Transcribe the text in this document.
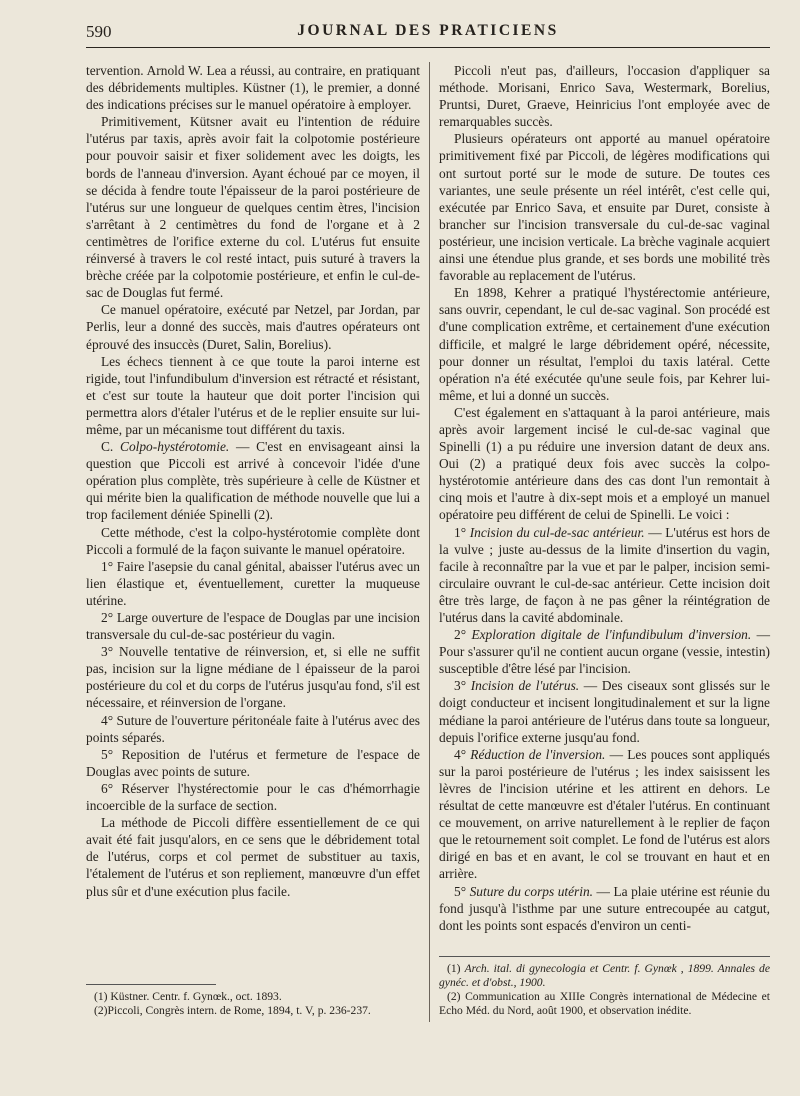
590	JOURNAL DES PRATICIENS

tervention. Arnold W. Lea a réussi, au contraire, en pratiquant des débridements multiples. Küstner (1), le premier, a donné des indications précises sur le manuel opératoire à employer.

Primitivement, Kütsner avait eu l'intention de réduire l'utérus par taxis, après avoir fait la colpotomie postérieure pour pouvoir saisir et fixer solidement avec les doigts, les bords de l'anneau d'inversion. Ayant échoué par ce moyen, il se décida à fendre toute l'épaisseur de la paroi postérieure de l'utérus sur une longueur de quelques centim ètres, l'incision s'arrêtant à 2 centimètres du fond de l'organe et à 2 centimètres de l'orifice externe du col. L'utérus fut ensuite réinversé à travers le col resté intact, puis suturé à travers la brèche créée par la colpotomie postérieure, et enfin le cul-de-sac de Douglas fut fermé.

Ce manuel opératoire, exécuté par Netzel, par Jordan, par Perlis, leur a donné des succès, mais d'autres opérateurs ont éprouvé des insuccès (Duret, Salin, Borelius).

Les échecs tiennent à ce que toute la paroi interne est rigide, tout l'infundibulum d'inversion est rétracté et résistant, et c'est sur toute la hauteur que doit porter l'incision qui permettra alors d'étaler l'utérus et de le replier ensuite sur lui-même, par un mécanisme tout différent du taxis.

C. Colpo-hystérotomie. — C'est en envisageant ainsi la question que Piccoli est arrivé à concevoir l'idée d'une opération plus complète, très supérieure à celle de Küstner et qui mérite bien la qualification de méthode nouvelle que lui a trop facilement déniée Spinelli (2).

Cette méthode, c'est la colpo-hystérotomie complète dont Piccoli a formulé de la façon suivante le manuel opératoire.

1° Faire l'asepsie du canal génital, abaisser l'utérus avec un lien élastique et, éventuellement, curetter la muqueuse utérine.

2° Large ouverture de l'espace de Douglas par une incision transversale du cul-de-sac postérieur du vagin.

3° Nouvelle tentative de réinversion, et, si elle ne suffit pas, incision sur la ligne médiane de l épaisseur de la paroi postérieure du col et du corps de l'utérus jusqu'au fond, s'il est nécessaire, et réinversion de l'organe.

4° Suture de l'ouverture péritonéale faite à l'utérus avec des points séparés.

5° Reposition de l'utérus et fermeture de l'espace de Douglas avec points de suture.

6° Réserver l'hystérectomie pour le cas d'hémorrhagie incoercible de la surface de section.

La méthode de Piccoli diffère essentiellement de ce qui avait été fait jusqu'alors, en ce sens que le débridement total de l'utérus, corps et col permet de substituer au taxis, l'étalement de l'utérus et son repliement, manœuvre d'un effet plus sûr et d'une exécution plus facile.

Piccoli n'eut pas, d'ailleurs, l'occasion d'appliquer sa méthode. Morisani, Enrico Sava, Westermark, Borelius, Pruntsi, Duret, Graeve, Heinricius l'ont employée avec de remarquables succès.

Plusieurs opérateurs ont apporté au manuel opératoire primitivement fixé par Piccoli, de légères modifications qui ont surtout porté sur le mode de suture. De toutes ces variantes, une seule présente un réel intérêt, c'est celle qui, exécutée par Enrico Sava, et ensuite par Duret, consiste à brancher sur l'incision transversale du cul-de-sac vaginal postérieur, une incision verticale. La brèche vaginale acquiert ainsi une étendue plus grande, et ses bords une mobilité très favorable au replacement de l'utérus.

En 1898, Kehrer a pratiqué l'hystérectomie antérieure, sans ouvrir, cependant, le cul de-sac vaginal. Son procédé est d'une complication extrême, et certainement d'une exécution difficile, et malgré le large débridement opéré, nécessite, pour donner un résultat, l'emploi du taxis latéral. Cette opération n'a été exécutée qu'une seule fois, par Kehrer lui-même, et lui a donné un succès.

C'est également en s'attaquant à la paroi antérieure, mais après avoir largement incisé le cul-de-sac vaginal que Spinelli (1) a pu réduire une inversion datant de deux ans. Oui (2) a pratiqué deux fois avec succès la colpo-hystérotomie antérieure dans des cas dont l'un remontait à cinq mois et l'autre à dix-sept mois et a employé un manuel opératoire peu différent de celui de Spinelli. Le voici :

1° Incision du cul-de-sac antérieur. — L'utérus est hors de la vulve ; juste au-dessus de la limite d'insertion du vagin, facile à reconnaître par la vue et par le palper, incision semi-circulaire ouvrant le cul-de-sac antérieur. Cette incision doit être très large, de façon à ne pas gêner la réintégration de l'utérus dans la cavité abdominale.

2° Exploration digitale de l'infundibulum d'inversion. — Pour s'assurer qu'il ne contient aucun organe (vessie, intestin) susceptible d'être lésé par l'incision.

3° Incision de l'utérus. — Des ciseaux sont glissés sur le doigt conducteur et incisent longitudinalement et sur la ligne médiane la paroi antérieure de l'utérus dans toute sa longueur, depuis l'orifice externe jusqu'au fond.

4° Réduction de l'inversion. — Les pouces sont appliqués sur la paroi postérieure de l'utérus ; les index saisissent les lèvres de l'incision utérine et les attirent en dehors. Le résultat de cette manœuvre est d'étaler l'utérus. En continuant ce mouvement, on arrive naturellement à le replier de façon que le retournement soit complet. Le fond de l'utérus est alors dirigé en bas et en avant, le col se trouvant en haut et en arrière.

5° Suture du corps utérin. — La plaie utérine est réunie du fond jusqu'à l'isthme par une suture entrecoupée au catgut, dont les points sont espacés d'environ un centi-

(1) Küstner. Centr. f. Gynœk., oct. 1893.

(2)Piccoli, Congrès intern. de Rome, 1894, t. V, p. 236-237.

(1) Arch. ital. di gynecologia et Centr. f. Gynœk , 1899. Annales de gynéc. et d'obst., 1900.

(2) Communication au XIIIe Congrès international de Médecine et Echo Méd. du Nord, août 1900, et observation inédite.
